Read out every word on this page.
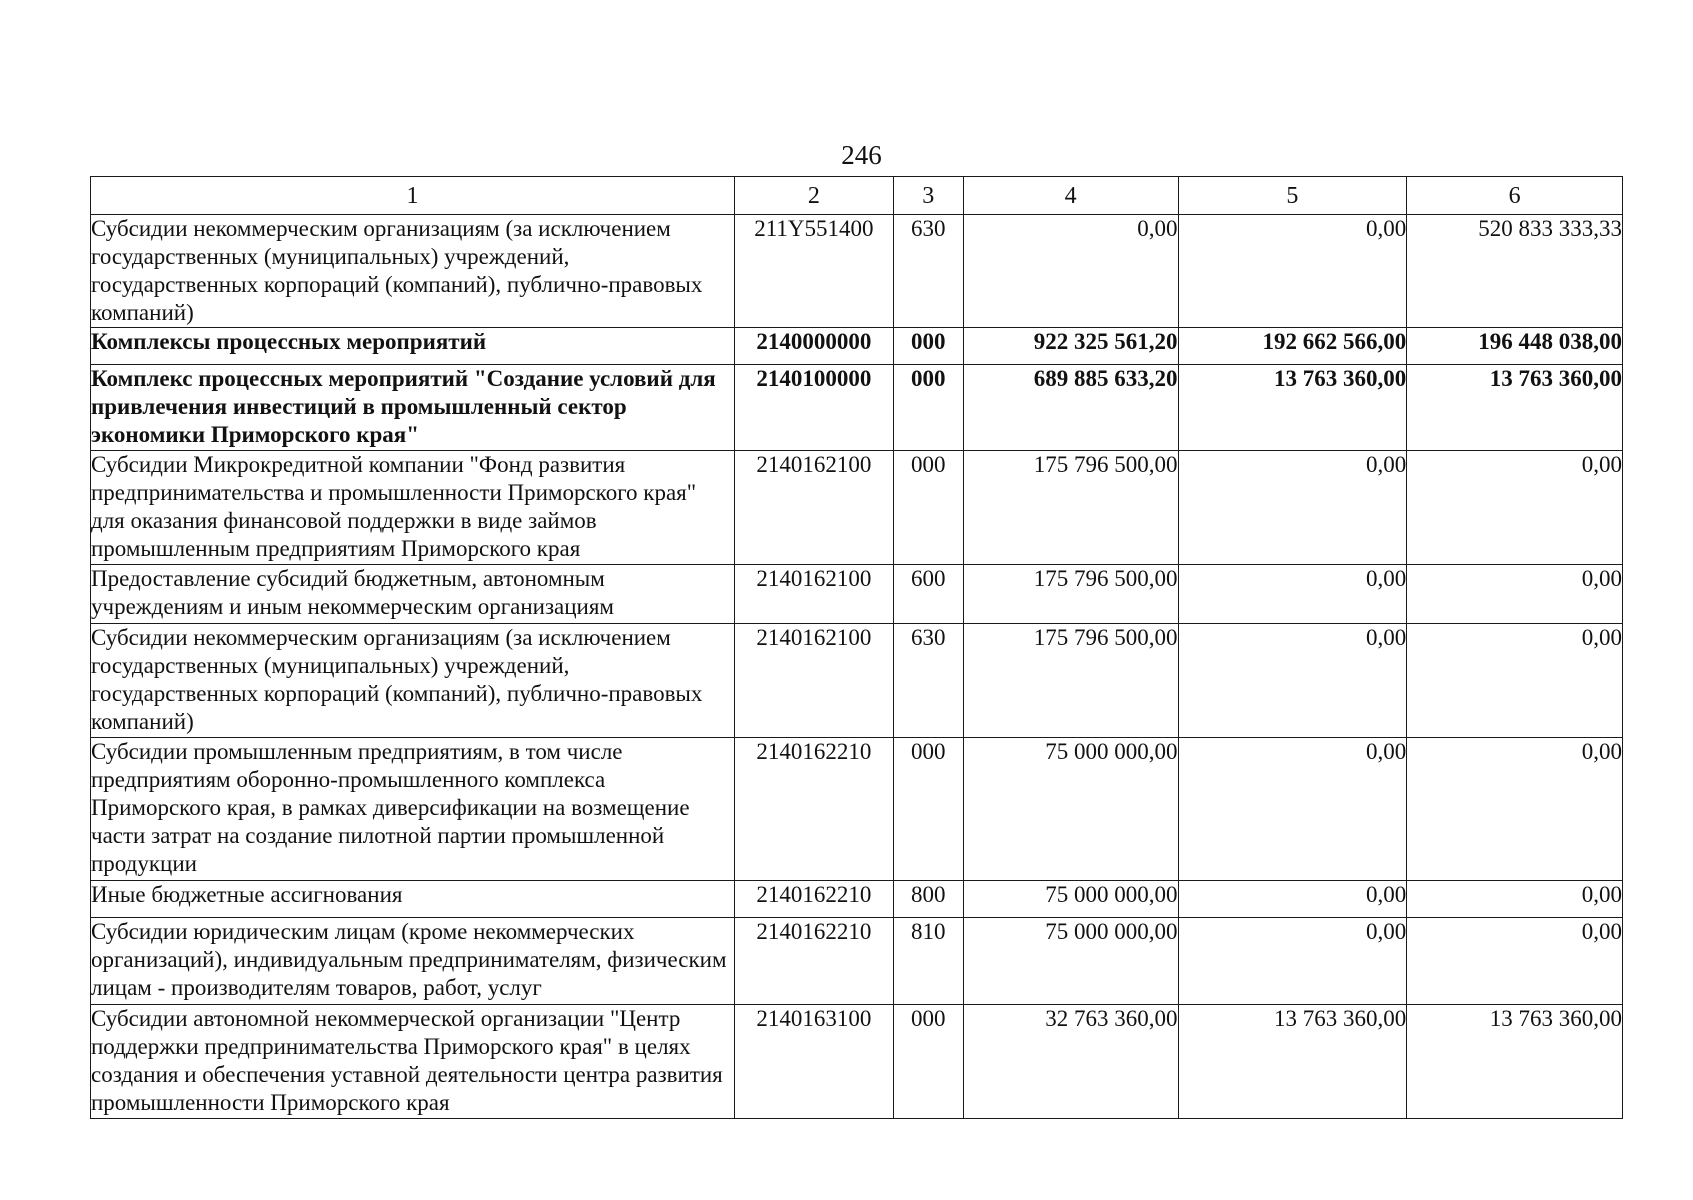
246
1	2	3	4	5	6
Субсидии некоммерческим организациям (за исключением государственных (муниципальных) учреждений, государственных корпораций (компаний), публично-правовых компаний)	211Y551400	630	0,00	0,00	520 833 333,33
Комплексы процессных мероприятий	2140000000	000	922 325 561,20	192 662 566,00	196 448 038,00
Комплекс процессных мероприятий "Создание условий для привлечения инвестиций в промышленный сектор экономики Приморского края"	2140100000	000	689 885 633,20	13 763 360,00	13 763 360,00
Субсидии Микрокредитной компании "Фонд развития предпринимательства и промышленности Приморского края" для оказания финансовой поддержки в виде займов промышленным предприятиям Приморского края	2140162100	000	175 796 500,00	0,00	0,00
Предоставление субсидий бюджетным, автономным учреждениям и иным некоммерческим организациям	2140162100	600	175 796 500,00	0,00	0,00
Субсидии некоммерческим организациям (за исключением государственных (муниципальных) учреждений, государственных корпораций (компаний), публично-правовых компаний)	2140162100	630	175 796 500,00	0,00	0,00
Субсидии промышленным предприятиям, в том числе предприятиям оборонно-промышленного комплекса Приморского края, в рамках диверсификации на возмещение части затрат на создание пилотной партии промышленной продукции	2140162210	000	75 000 000,00	0,00	0,00
Иные бюджетные ассигнования	2140162210	800	75 000 000,00	0,00	0,00
Субсидии юридическим лицам (кроме некоммерческих организаций), индивидуальным предпринимателям, физическим лицам - производителям товаров, работ, услуг	2140162210	810	75 000 000,00	0,00	0,00
Субсидии автономной некоммерческой организации "Центр поддержки предпринимательства Приморского края" в целях создания и обеспечения уставной деятельности центра развития промышленности Приморского края	2140163100	000	32 763 360,00	13 763 360,00	13 763 360,00
